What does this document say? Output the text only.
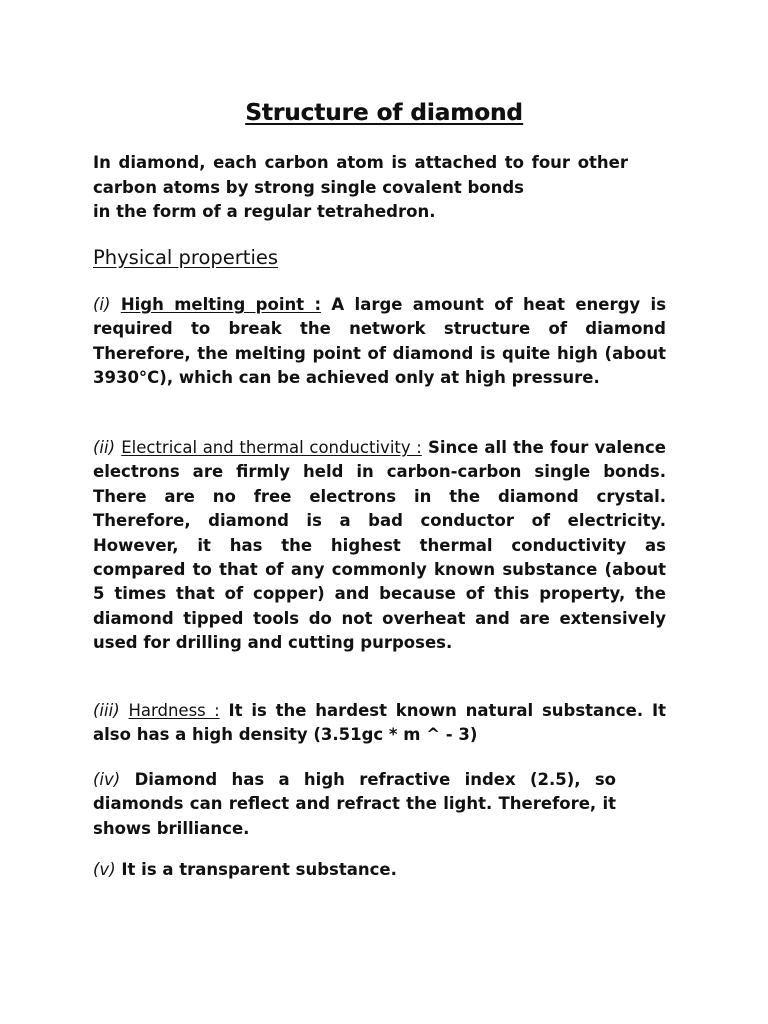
Structure of diamond
In diamond, each carbon atom is attached to four other carbon atoms by strong single covalent bonds
in the form of a regular tetrahedron.
Physical properties
(i) High melting point : A large amount of heat energy is required to break the network structure of diamond Therefore, the melting point of diamond is quite high (about 3930°C), which can be achieved only at high pressure.
(ii) Electrical and thermal conductivity : Since all the four valence electrons are firmly held in carbon-carbon single bonds. There are no free electrons in the diamond crystal. Therefore, diamond is a bad conductor of electricity. However, it has the highest thermal conductivity as compared to that of any commonly known substance (about 5 times that of copper) and because of this property, the diamond tipped tools do not overheat and are extensively used for drilling and cutting purposes.
(iii) Hardness : It is the hardest known natural substance. It also has a high density (3.51gc * m ^ - 3)
(iv) Diamond has a high refractive index (2.5), so diamonds can reflect and refract the light. Therefore, it shows brilliance.
(v) It is a transparent substance.
